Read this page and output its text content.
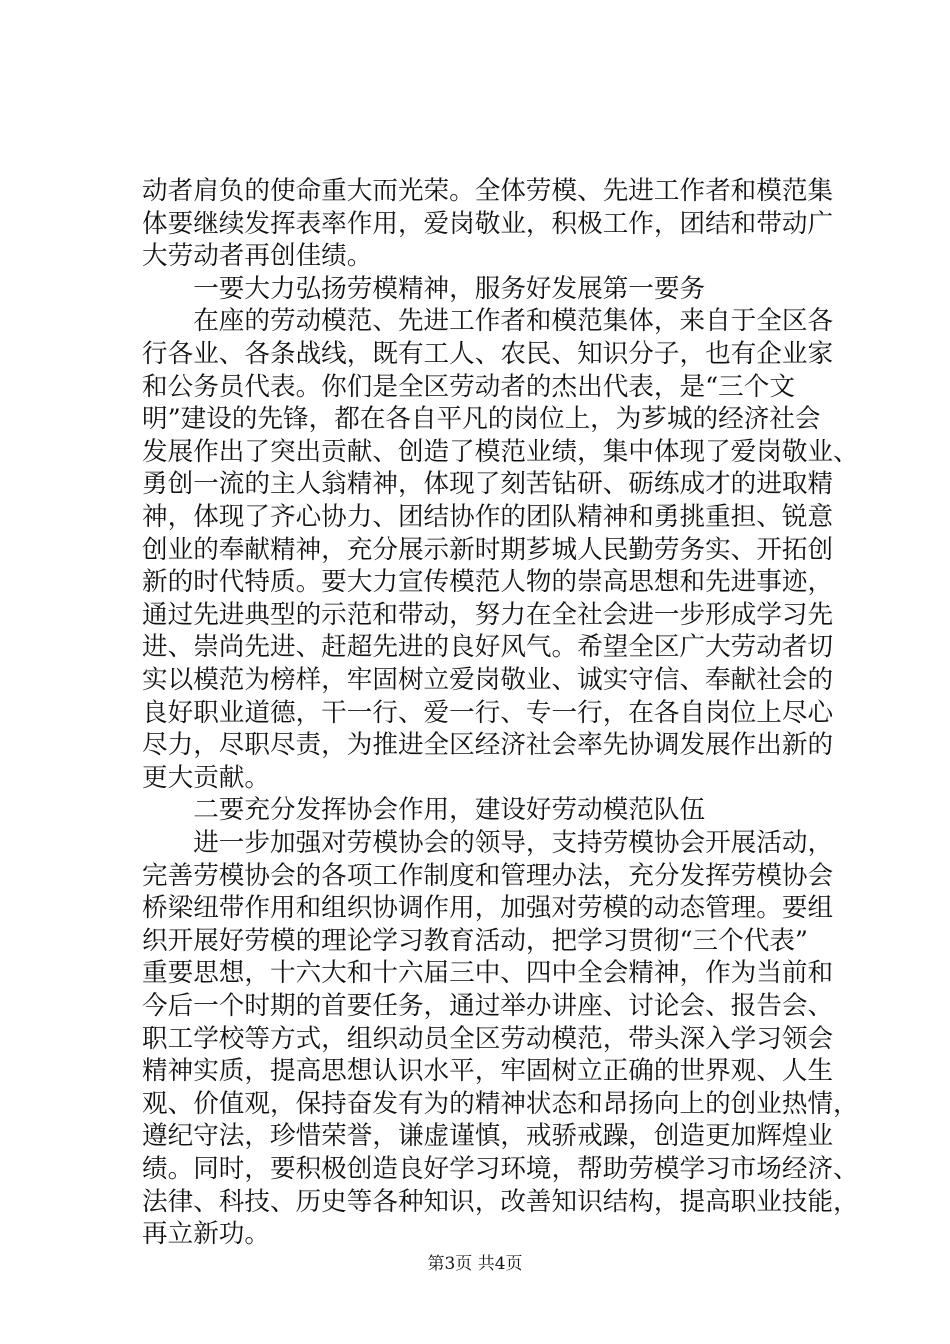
动者肩负的使命重大而光荣。全体劳模、先进工作者和模范集
体要继续发挥表率作用，爱岗敬业，积极工作，团结和带动广
大劳动者再创佳绩。
　　一要大力弘扬劳模精神，服务好发展第一要务
　　在座的劳动模范、先进工作者和模范集体，来自于全区各
行各业、各条战线，既有工人、农民、知识分子，也有企业家
和公务员代表。你们是全区劳动者的杰出代表，是“三个文
明”建设的先锋，都在各自平凡的岗位上，为芗城的经济社会
发展作出了突出贡献、创造了模范业绩，集中体现了爱岗敬业、
勇创一流的主人翁精神，体现了刻苦钻研、砺练成才的进取精
神，体现了齐心协力、团结协作的团队精神和勇挑重担、锐意
创业的奉献精神，充分展示新时期芗城人民勤劳务实、开拓创
新的时代特质。要大力宣传模范人物的崇高思想和先进事迹，
通过先进典型的示范和带动，努力在全社会进一步形成学习先
进、崇尚先进、赶超先进的良好风气。希望全区广大劳动者切
实以模范为榜样，牢固树立爱岗敬业、诚实守信、奉献社会的
良好职业道德，干一行、爱一行、专一行，在各自岗位上尽心
尽力，尽职尽责，为推进全区经济社会率先协调发展作出新的
更大贡献。
　　二要充分发挥协会作用，建设好劳动模范队伍
　　进一步加强对劳模协会的领导，支持劳模协会开展活动，
完善劳模协会的各项工作制度和管理办法，充分发挥劳模协会
桥梁纽带作用和组织协调作用，加强对劳模的动态管理。要组
织开展好劳模的理论学习教育活动，把学习贯彻“三个代表”
重要思想，十六大和十六届三中、四中全会精神，作为当前和
今后一个时期的首要任务，通过举办讲座、讨论会、报告会、
职工学校等方式，组织动员全区劳动模范，带头深入学习领会
精神实质，提高思想认识水平，牢固树立正确的世界观、人生
观、价值观，保持奋发有为的精神状态和昂扬向上的创业热情，
遵纪守法，珍惜荣誉，谦虚谨慎，戒骄戒躁，创造更加辉煌业
绩。同时，要积极创造良好学习环境，帮助劳模学习市场经济、
法律、科技、历史等各种知识，改善知识结构，提高职业技能，
再立新功。
第3页 共4页
